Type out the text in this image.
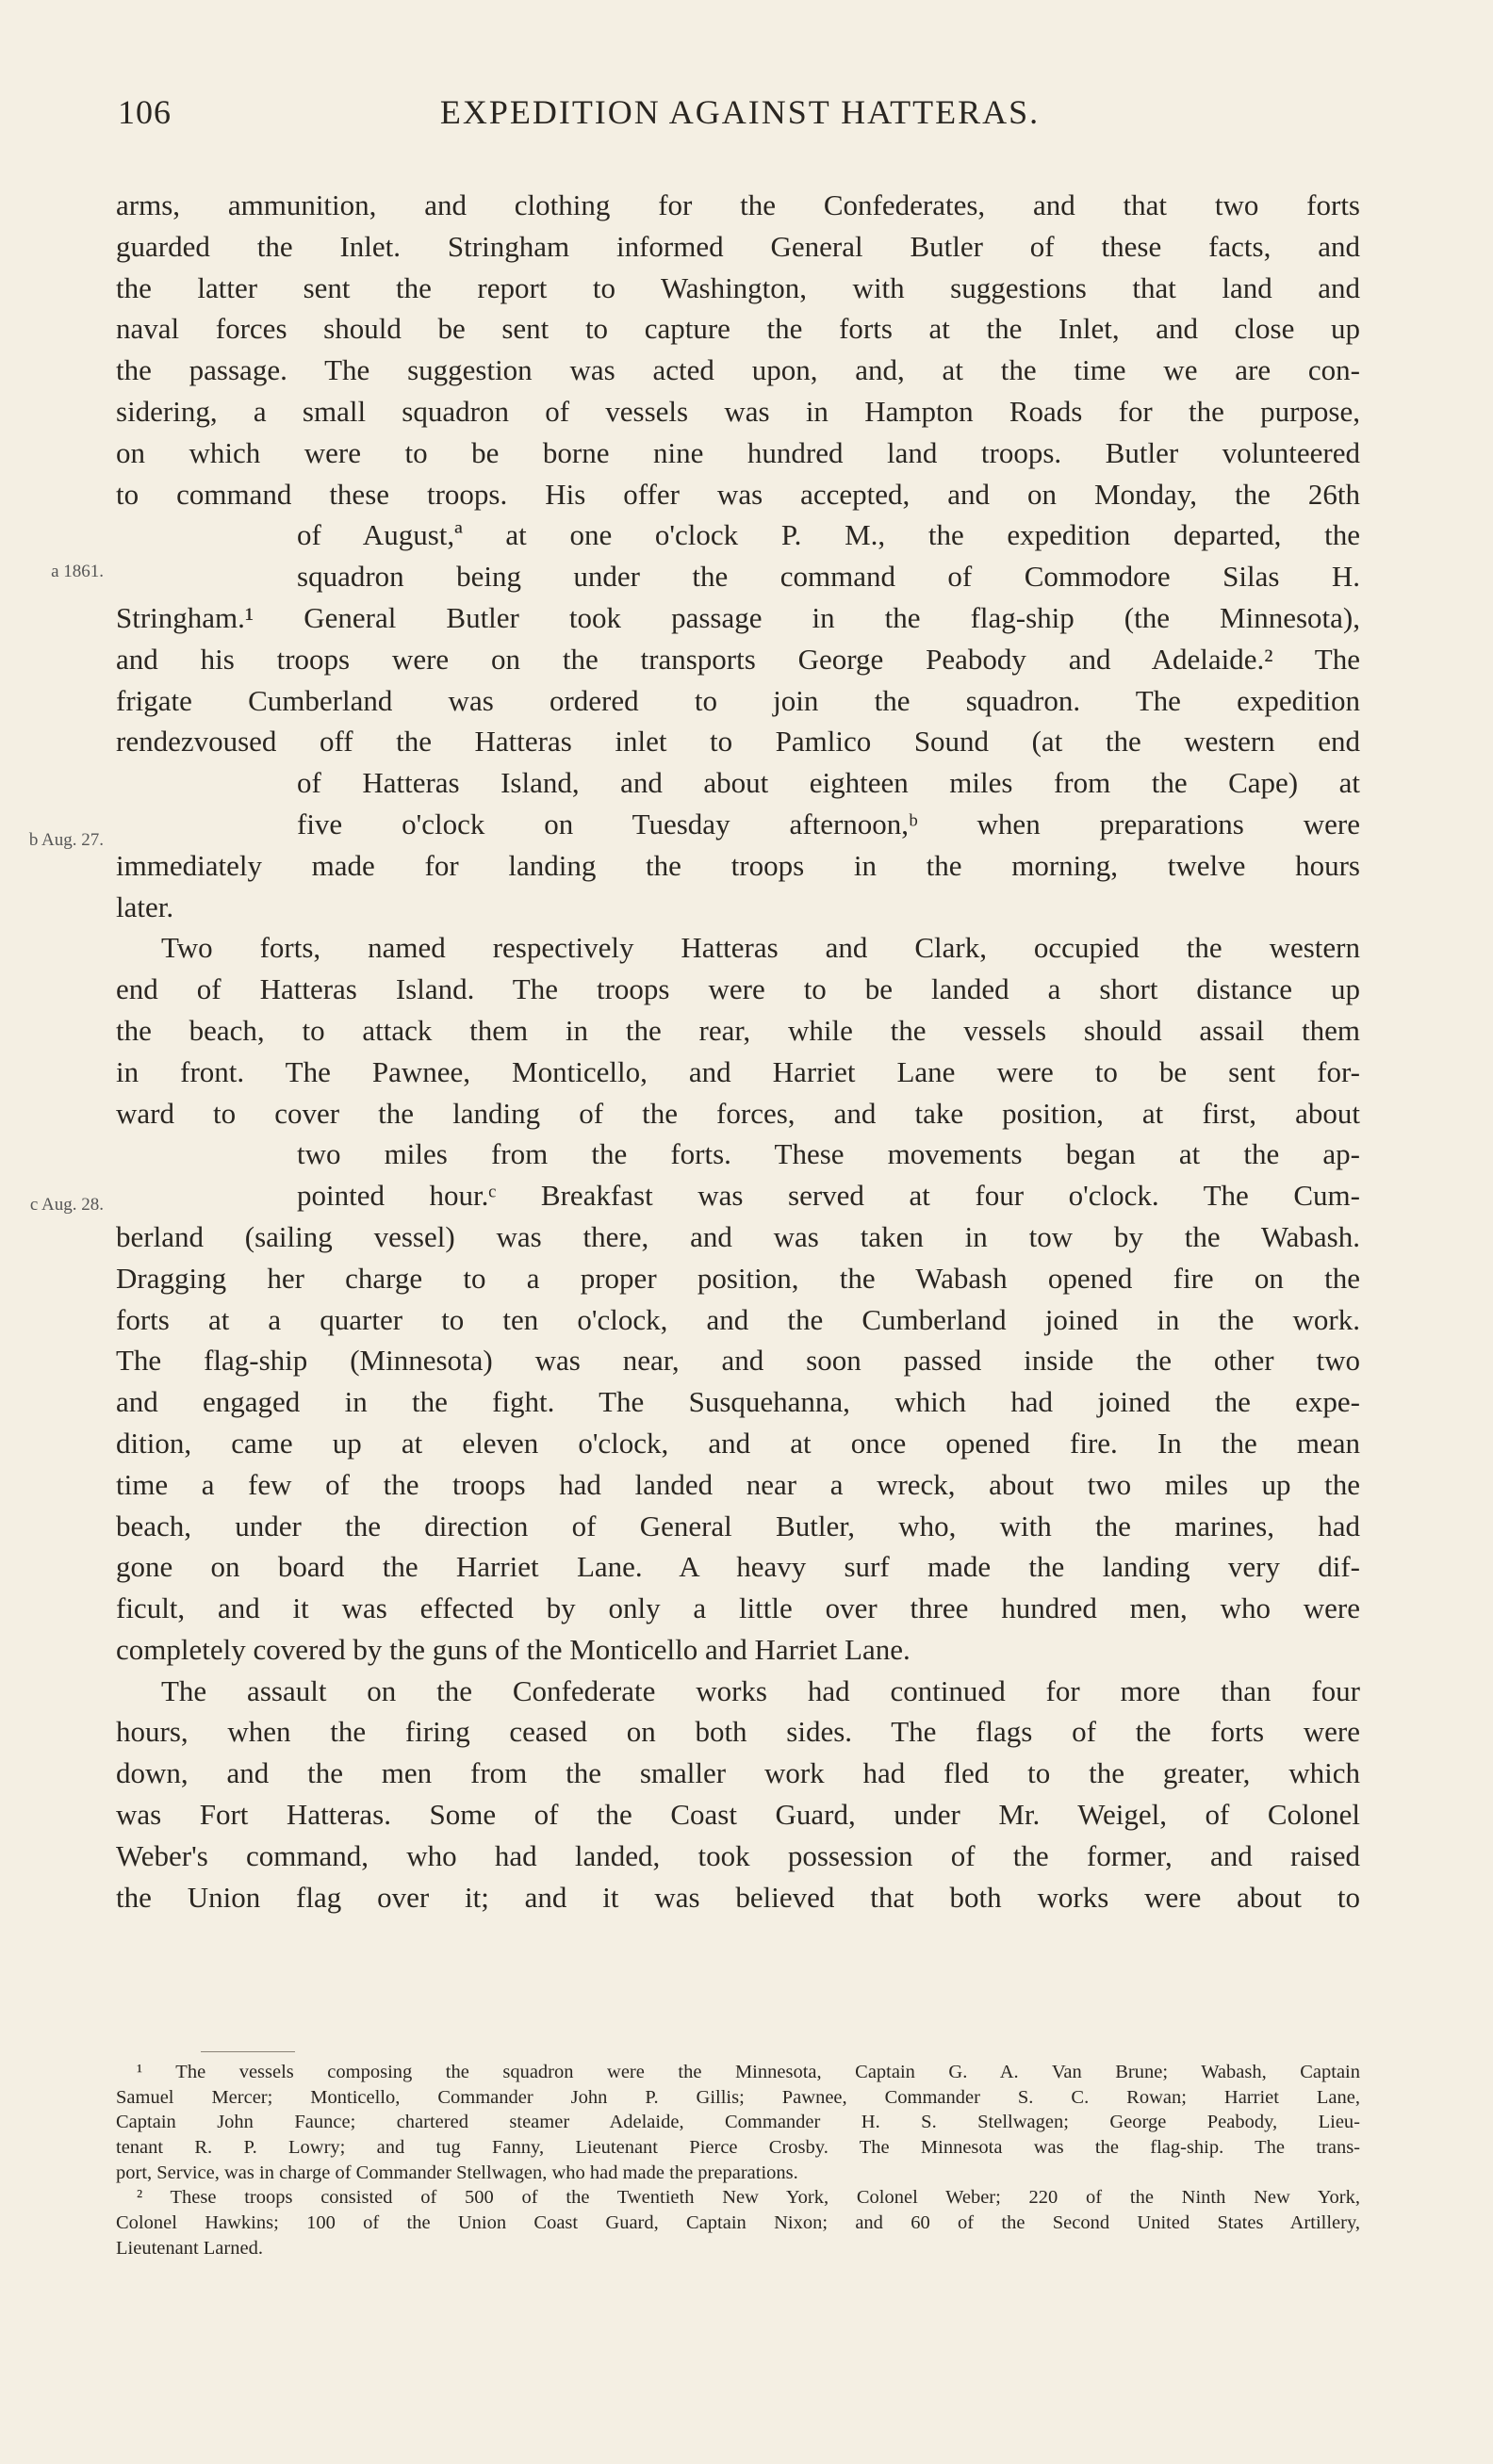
106	EXPEDITION AGAINST HATTERAS.
a 1861.
b Aug. 27.
c Aug. 28.
arms, ammunition, and clothing for the Confederates, and that two forts
guarded the Inlet. Stringham informed General Butler of these facts, and
the latter sent the report to Washington, with suggestions that land and
naval forces should be sent to capture the forts at the Inlet, and close up
the passage. The suggestion was acted upon, and, at the time we are con-
sidering, a small squadron of vessels was in Hampton Roads for the purpose,
on which were to be borne nine hundred land troops. Butler volunteered
to command these troops. His offer was accepted, and on Monday, the 26th
of August,ª at one o'clock P. M., the expedition departed, the
squadron being under the command of Commodore Silas H.
Stringham.¹ General Butler took passage in the flag-ship (the Minnesota),
and his troops were on the transports George Peabody and Adelaide.² The
frigate Cumberland was ordered to join the squadron. The expedition
rendezvoused off the Hatteras inlet to Pamlico Sound (at the western end
of Hatteras Island, and about eighteen miles from the Cape) at
five o'clock on Tuesday afternoon,ᵇ when preparations were
immediately made for landing the troops in the morning, twelve hours
later.
Two forts, named respectively Hatteras and Clark, occupied the western
end of Hatteras Island. The troops were to be landed a short distance up
the beach, to attack them in the rear, while the vessels should assail them
in front. The Pawnee, Monticello, and Harriet Lane were to be sent for-
ward to cover the landing of the forces, and take position, at first, about
two miles from the forts. These movements began at the ap-
pointed hour.ᶜ Breakfast was served at four o'clock. The Cum-
berland (sailing vessel) was there, and was taken in tow by the Wabash.
Dragging her charge to a proper position, the Wabash opened fire on the
forts at a quarter to ten o'clock, and the Cumberland joined in the work.
The flag-ship (Minnesota) was near, and soon passed inside the other two
and engaged in the fight. The Susquehanna, which had joined the expe-
dition, came up at eleven o'clock, and at once opened fire. In the mean
time a few of the troops had landed near a wreck, about two miles up the
beach, under the direction of General Butler, who, with the marines, had
gone on board the Harriet Lane. A heavy surf made the landing very dif-
ficult, and it was effected by only a little over three hundred men, who were
completely covered by the guns of the Monticello and Harriet Lane.
The assault on the Confederate works had continued for more than four
hours, when the firing ceased on both sides. The flags of the forts were
down, and the men from the smaller work had fled to the greater, which
was Fort Hatteras. Some of the Coast Guard, under Mr. Weigel, of Colonel
Weber's command, who had landed, took possession of the former, and raised
the Union flag over it; and it was believed that both works were about to
¹ The vessels composing the squadron were the Minnesota, Captain G. A. Van Brune; Wabash, Captain
Samuel Mercer; Monticello, Commander John P. Gillis; Pawnee, Commander S. C. Rowan; Harriet Lane,
Captain John Faunce; chartered steamer Adelaide, Commander H. S. Stellwagen; George Peabody, Lieu-
tenant R. P. Lowry; and tug Fanny, Lieutenant Pierce Crosby. The Minnesota was the flag-ship. The trans-
port, Service, was in charge of Commander Stellwagen, who had made the preparations.
² These troops consisted of 500 of the Twentieth New York, Colonel Weber; 220 of the Ninth New York,
Colonel Hawkins; 100 of the Union Coast Guard, Captain Nixon; and 60 of the Second United States Artillery,
Lieutenant Larned.
